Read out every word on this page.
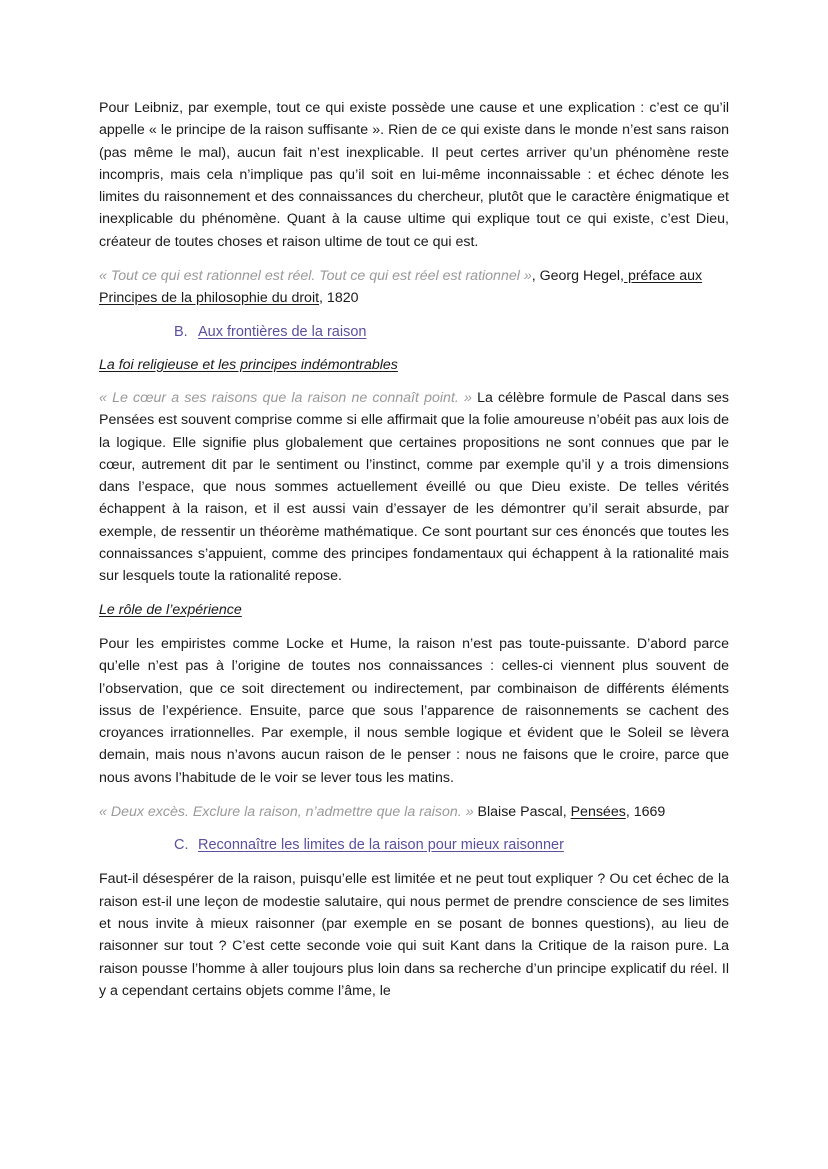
Pour Leibniz, par exemple, tout ce qui existe possède une cause et une explication : c’est ce qu’il appelle « le principe de la raison suffisante ». Rien de ce qui existe dans le monde n’est sans raison (pas même le mal), aucun fait n’est inexplicable. Il peut certes arriver qu’un phénomène reste incompris, mais cela n’implique pas qu’il soit en lui-même inconnaissable : et échec dénote les limites du raisonnement et des connaissances du chercheur, plutôt que le caractère énigmatique et inexplicable du phénomène. Quant à la cause ultime qui explique tout ce qui existe, c’est Dieu, créateur de toutes choses et raison ultime de tout ce qui est.

« Tout ce qui est rationnel est réel. Tout ce qui est réel est rationnel », Georg Hegel, préface aux Principes de la philosophie du droit, 1820

B. Aux frontières de la raison

La foi religieuse et les principes indémontrables

« Le cœur a ses raisons que la raison ne connaît point. » La célèbre formule de Pascal dans ses Pensées est souvent comprise comme si elle affirmait que la folie amoureuse n’obéit pas aux lois de la logique. Elle signifie plus globalement que certaines propositions ne sont connues que par le cœur, autrement dit par le sentiment ou l’instinct, comme par exemple qu’il y a trois dimensions dans l’espace, que nous sommes actuellement éveillé ou que Dieu existe. De telles vérités échappent à la raison, et il est aussi vain d’essayer de les démontrer qu’il serait absurde, par exemple, de ressentir un théorème mathématique. Ce sont pourtant sur ces énoncés que toutes les connaissances s’appuient, comme des principes fondamentaux qui échappent à la rationalité mais sur lesquels toute la rationalité repose.

Le rôle de l’expérience

Pour les empiristes comme Locke et Hume, la raison n’est pas toute-puissante. D’abord parce qu’elle n’est pas à l’origine de toutes nos connaissances : celles-ci viennent plus souvent de l’observation, que ce soit directement ou indirectement, par combinaison de différents éléments issus de l’expérience. Ensuite, parce que sous l’apparence de raisonnements se cachent des croyances irrationnelles. Par exemple, il nous semble logique et évident que le Soleil se lèvera demain, mais nous n’avons aucun raison de le penser : nous ne faisons que le croire, parce que nous avons l’habitude de le voir se lever tous les matins.

« Deux excès. Exclure la raison, n’admettre que la raison. » Blaise Pascal, Pensées, 1669

C. Reconnaître les limites de la raison pour mieux raisonner

Faut-il désespérer de la raison, puisqu’elle est limitée et ne peut tout expliquer ? Ou cet échec de la raison est-il une leçon de modestie salutaire, qui nous permet de prendre conscience de ses limites et nous invite à mieux raisonner (par exemple en se posant de bonnes questions), au lieu de raisonner sur tout ? C’est cette seconde voie qui suit Kant dans la Critique de la raison pure. La raison pousse l’homme à aller toujours plus loin dans sa recherche d’un principe explicatif du réel. Il y a cependant certains objets comme l’âme, le
